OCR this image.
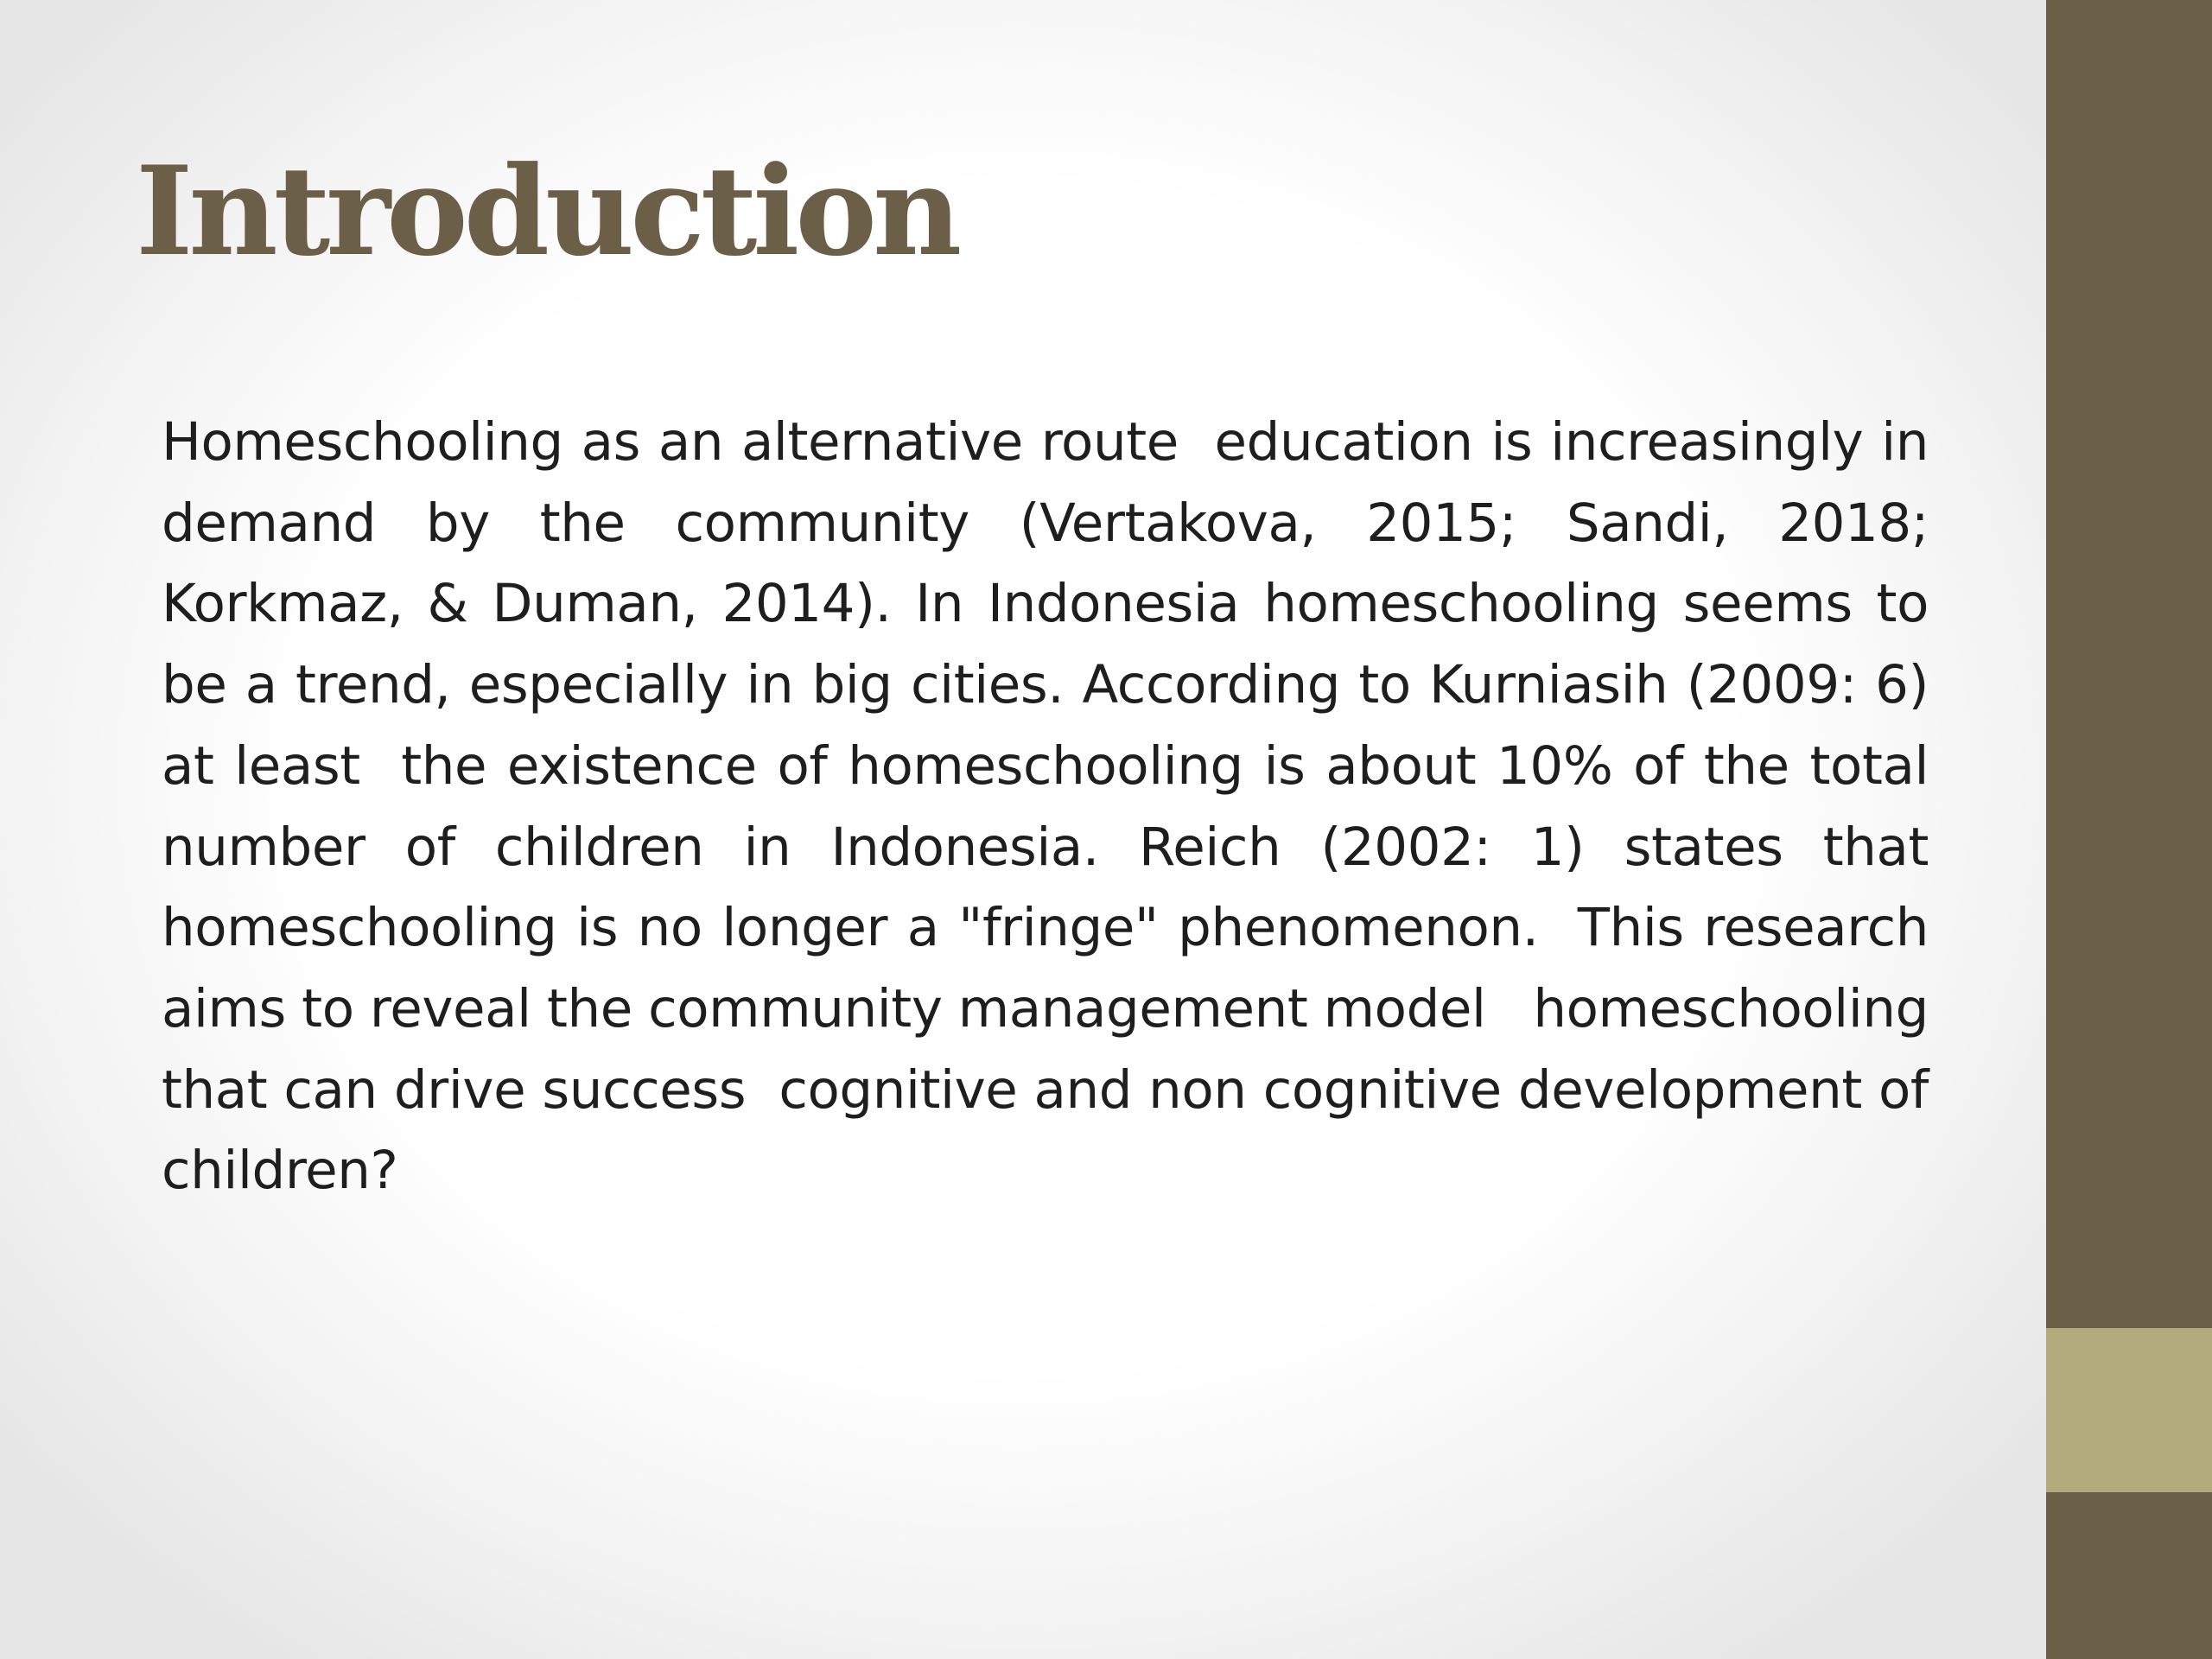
Introduction

Homeschooling as an alternative route  education is increasingly in demand by the community (Vertakova, 2015; Sandi, 2018; Korkmaz, & Duman, 2014). In Indonesia homeschooling seems to be a trend, especially in big cities. According to Kurniasih (2009: 6) at least  the existence of homeschooling is about 10% of the total number of children in Indonesia. Reich (2002: 1) states that   homeschooling is no longer a "fringe" phenomenon.  This research  aims to reveal the community management model   homeschooling that can drive success  cognitive and non cognitive development of children?
